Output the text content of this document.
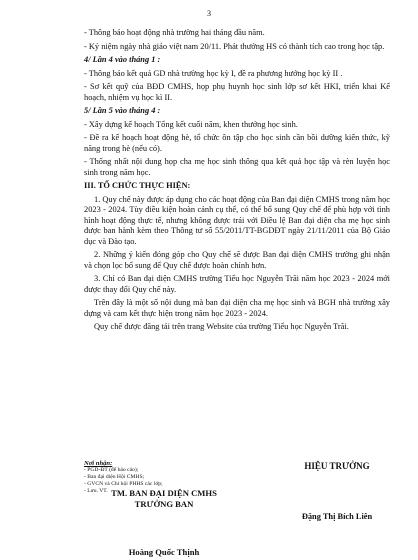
3

- Thông báo hoạt động nhà trường hai tháng đầu năm.

- Kỷ niệm ngày nhà giáo việt nam 20/11. Phát thưởng HS có thành tích cao trong học tập.

4/ Lần 4 vào tháng 1 :

- Thông báo kết quả GD nhà trường học kỳ I, đề ra phương hướng học kỳ II .

- Sơ kết quỹ của BĐD CMHS, họp phụ huynh học sinh lớp sơ kết HKI, triển khai Kế hoạch, nhiệm vụ học kì II.

5/ Lần 5 vào tháng 4 :

- Xây dựng kế hoạch Tổng kết cuối năm, khen thưởng học sinh.

- Đề ra kế hoạch hoạt động hè, tổ chức ôn tập cho học sinh cần bồi dưỡng kiến thức, kỹ năng trong hè (nếu có).

- Thống nhất nội dung họp cha mẹ học sinh thông qua kết quả học tập và rèn luyện học sinh trong năm học.

III. TỔ CHỨC THỰC HIỆN:

1. Quy chế này được áp dụng cho các hoạt động của Ban đại diện CMHS trong năm học 2023 - 2024. Tùy điều kiện hoàn cảnh cụ thể, có thể bổ sung Quy chế để phù hợp với tình hình hoạt động thực tế, nhưng không được trái với Điều lệ Ban đại diện cha mẹ học sinh được ban hành kèm theo Thông tư số 55/2011/TT-BGDĐT ngày 21/11/2011 của Bộ Giáo dục và Đào tạo.

2. Những ý kiến đóng góp cho Quy chế sẽ được Ban đại diện CMHS trường ghi nhận và chọn lọc bổ sung để Quy chế được hoàn chỉnh hơn.

3. Chỉ có Ban đại diện CMHS trường Tiểu học Nguyễn Trãi năm học 2023 - 2024 mới được thay đổi Quy chế này.

Trên đây là một số nội dung mà ban đại diện cha mẹ học sinh và BGH nhà trường xây dựng và cam kết thực hiện trong năm học 2023 - 2024.

Quy chế được đăng tải trên trang Website của trường Tiểu học Nguyễn Trãi.

Nơi nhận:
- PGD-ĐT (để báo cáo);
- Ban đại diện Hội CMHS;
- GVCN và Chi hội PHHS các lớp;
- Lưu. VT.
HIỆU TRƯỞNG
Đặng Thị Bích Liên
TM. BAN ĐẠI DIỆN CMHS
TRƯỞNG BAN
Hoàng Quốc Thịnh
